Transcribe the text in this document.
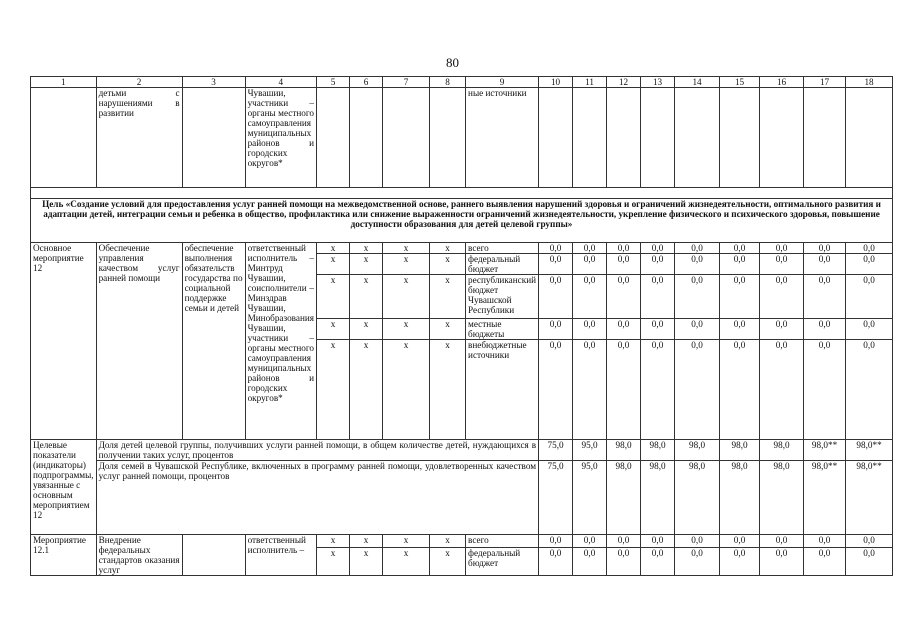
80
1	2	3	4	5	6	7	8	9	10	11	12	13	14	15	16	17	18
	детьми с нарушениями в развитии		Чувашии, участники – органы местного самоуправления муниципальных районов и городских округов*					ные источники									

Цель «Создание условий для предоставления услуг ранней помощи на межведомственной основе, раннего выявления нарушений здоровья и ограничений жизнедеятельности, оптимального развития и адаптации детей, интеграции семьи и ребенка в общество, профилактика или снижение выраженности ограничений жизнедеятельности, укрепление физического и психического здоровья, повышение доступности образования для детей целевой группы»																	
Основное мероприятие 12	Обеспечение управления качеством услуг ранней помощи	обеспечение выполнения обязательств государства по социальной поддержке семьи и детей	ответственный исполнитель – Минтруд Чувашии, соисполнители – Минздрав Чувашии, Минобразования Чувашии, участники – органы местного самоуправления муниципальных районов и городских округов*	x	x	x	x	всего	0,0	0,0	0,0	0,0	0,0	0,0	0,0	0,0	0,0
				x	x	x	x	федеральный бюджет	0,0	0,0	0,0	0,0	0,0	0,0	0,0	0,0	0,0
				x	x	x	x	республиканский бюджет Чувашской Республики	0,0	0,0	0,0	0,0	0,0	0,0	0,0	0,0	0,0
				x	x	x	x	местные бюджеты	0,0	0,0	0,0	0,0	0,0	0,0	0,0	0,0	0,0
				x	x	x	x	внебюджетные источники	0,0	0,0	0,0	0,0	0,0	0,0	0,0	0,0	0,0
Целевые показатели (индикаторы) подпрограммы, увязанные с основным мероприятием 12	Доля детей целевой группы, получивших услуги ранней помощи, в общем количестве детей, нуждающихся в получении таких услуг, процентов								75,0	95,0	98,0	98,0	98,0	98,0	98,0	98,0**	98,0**
	Доля семей в Чувашской Республике, включенных в программу ранней помощи, удовлетворенных качеством услуг ранней помощи, процентов								75,0	95,0	98,0	98,0	98,0	98,0	98,0	98,0**	98,0**
Мероприятие 12.1	Внедрение федеральных стандартов оказания услуг		ответственный исполнитель –	x	x	x	x	всего	0,0	0,0	0,0	0,0	0,0	0,0	0,0	0,0	0,0
				x	x	x	x	федеральный бюджет	0,0	0,0	0,0	0,0	0,0	0,0	0,0	0,0	0,0
